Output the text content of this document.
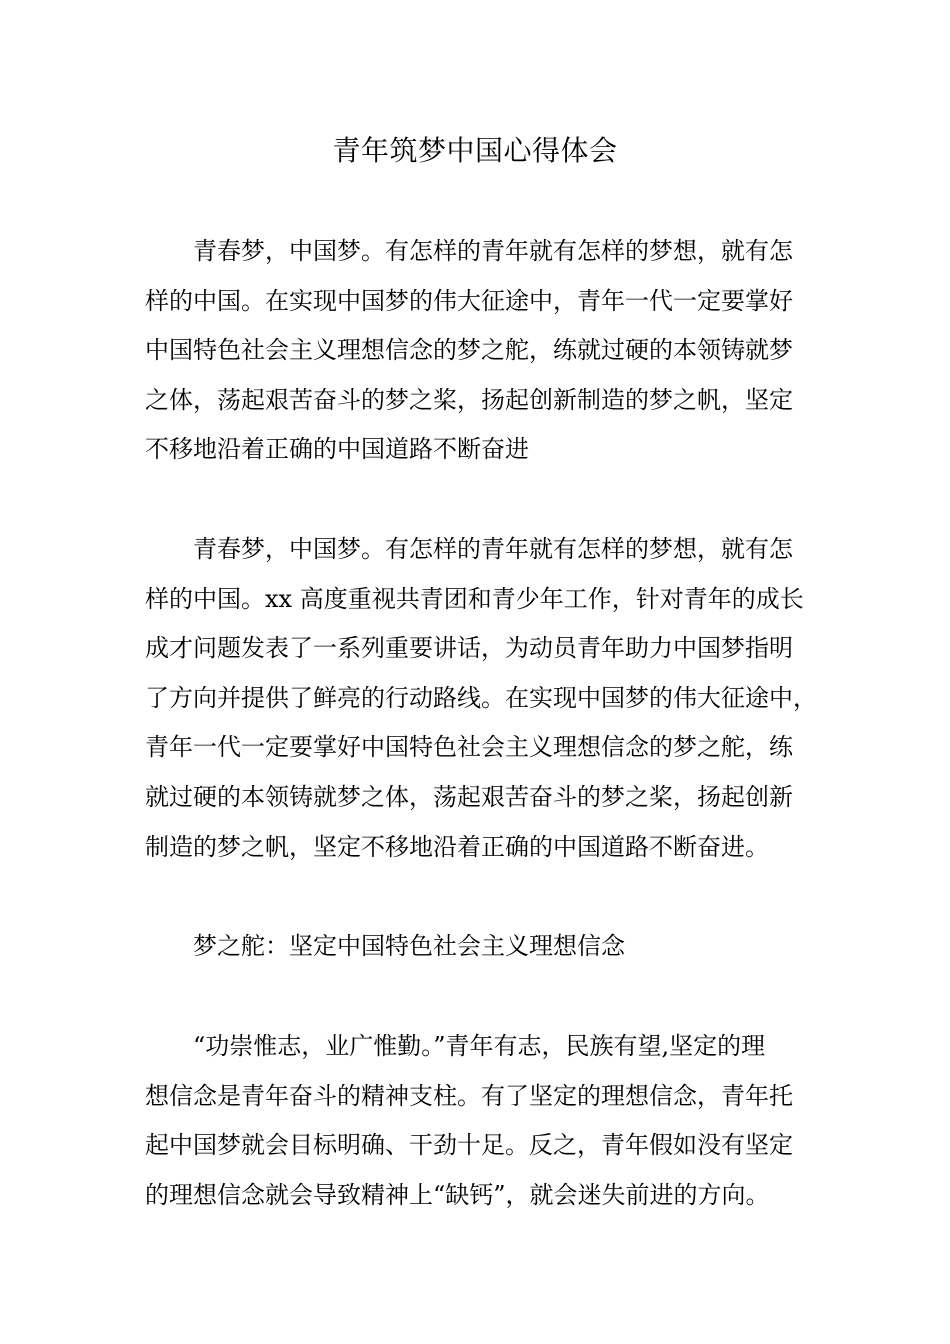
青年筑梦中国心得体会
　　青春梦，中国梦。有怎样的青年就有怎样的梦想，就有怎
样的中国。在实现中国梦的伟大征途中，青年一代一定要掌好
中国特色社会主义理想信念的梦之舵，练就过硬的本领铸就梦
之体，荡起艰苦奋斗的梦之桨，扬起创新制造的梦之帆，坚定
不移地沿着正确的中国道路不断奋进
　　青春梦，中国梦。有怎样的青年就有怎样的梦想，就有怎
样的中国。xx 高度重视共青团和青少年工作，针对青年的成长
成才问题发表了一系列重要讲话，为动员青年助力中国梦指明
了方向并提供了鲜亮的行动路线。在实现中国梦的伟大征途中，
青年一代一定要掌好中国特色社会主义理想信念的梦之舵，练
就过硬的本领铸就梦之体，荡起艰苦奋斗的梦之桨，扬起创新
制造的梦之帆，坚定不移地沿着正确的中国道路不断奋进。
　　梦之舵：坚定中国特色社会主义理想信念
　　“功崇惟志，业广惟勤。”青年有志，民族有望,坚定的理
想信念是青年奋斗的精神支柱。有了坚定的理想信念，青年托
起中国梦就会目标明确、干劲十足。反之，青年假如没有坚定
的理想信念就会导致精神上“缺钙”，就会迷失前进的方向。
